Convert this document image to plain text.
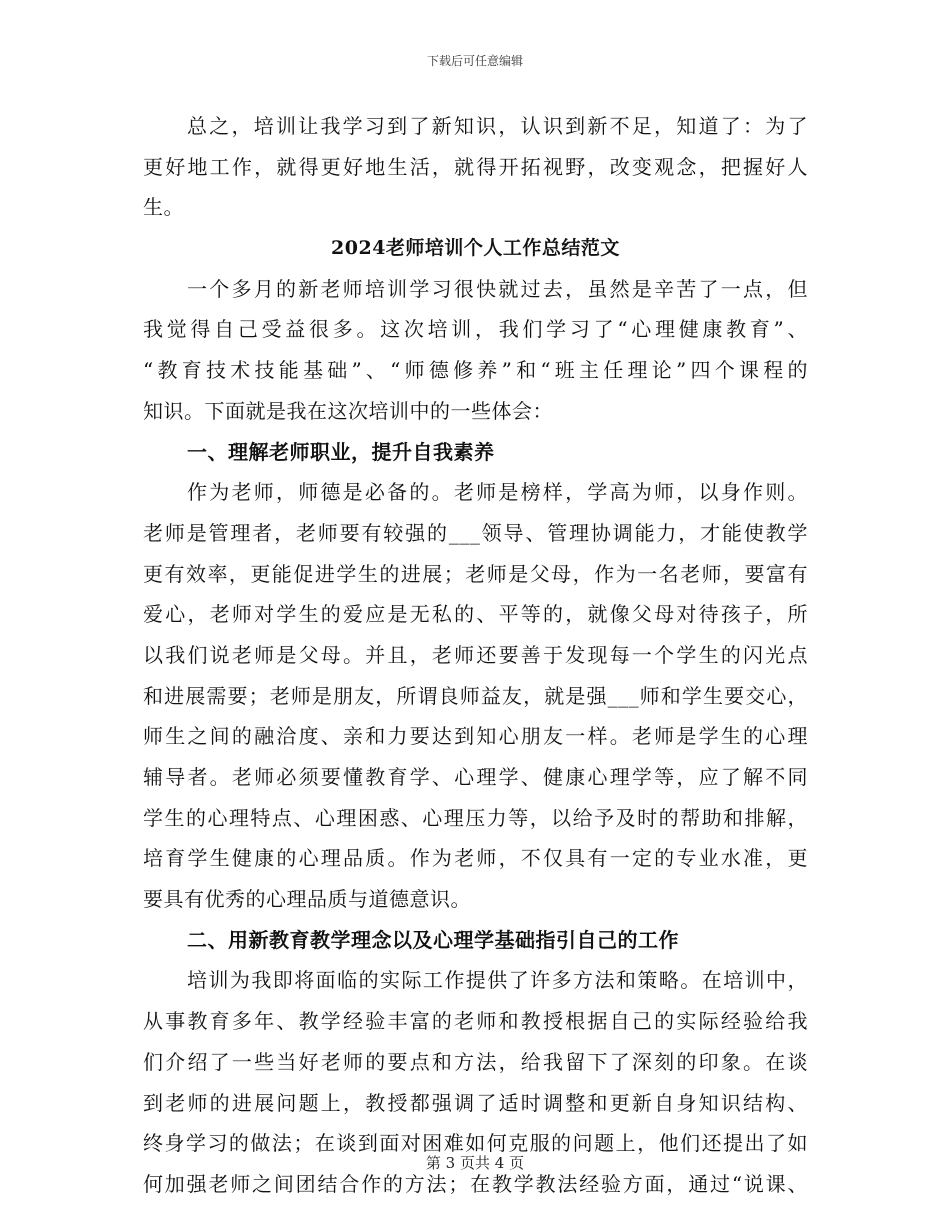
下载后可任意编辑
总之，培训让我学习到了新知识，认识到新不足，知道了：为了
更好地工作，就得更好地生活，就得开拓视野，改变观念，把握好人
生。
2024老师培训个人工作总结范文
一个多月的新老师培训学习很快就过去，虽然是辛苦了一点，但
我觉得自己受益很多。这次培训，我们学习了“心理健康教育”、
“教育技术技能基础”、“师德修养”和“班主任理论”四个课程的
知识。下面就是我在这次培训中的一些体会：
一、理解老师职业，提升自我素养
作为老师，师德是必备的。老师是榜样，学高为师，以身作则。
老师是管理者，老师要有较强的___领导、管理协调能力，才能使教学
更有效率，更能促进学生的进展；老师是父母，作为一名老师，要富有
爱心，老师对学生的爱应是无私的、平等的，就像父母对待孩子，所
以我们说老师是父母。并且，老师还要善于发现每一个学生的闪光点
和进展需要；老师是朋友，所谓良师益友，就是强___师和学生要交心，
师生之间的融洽度、亲和力要达到知心朋友一样。老师是学生的心理
辅导者。老师必须要懂教育学、心理学、健康心理学等，应了解不同
学生的心理特点、心理困惑、心理压力等，以给予及时的帮助和排解，
培育学生健康的心理品质。作为老师，不仅具有一定的专业水准，更
要具有优秀的心理品质与道德意识。
二、用新教育教学理念以及心理学基础指引自己的工作
培训为我即将面临的实际工作提供了许多方法和策略。在培训中，
从事教育多年、教学经验丰富的老师和教授根据自己的实际经验给我
们介绍了一些当好老师的要点和方法，给我留下了深刻的印象。在谈
到老师的进展问题上，教授都强调了适时调整和更新自身知识结构、
终身学习的做法；在谈到面对困难如何克服的问题上，他们还提出了如
何加强老师之间团结合作的方法；在教学教法经验方面，通过“说课、
第 3 页共 4 页
